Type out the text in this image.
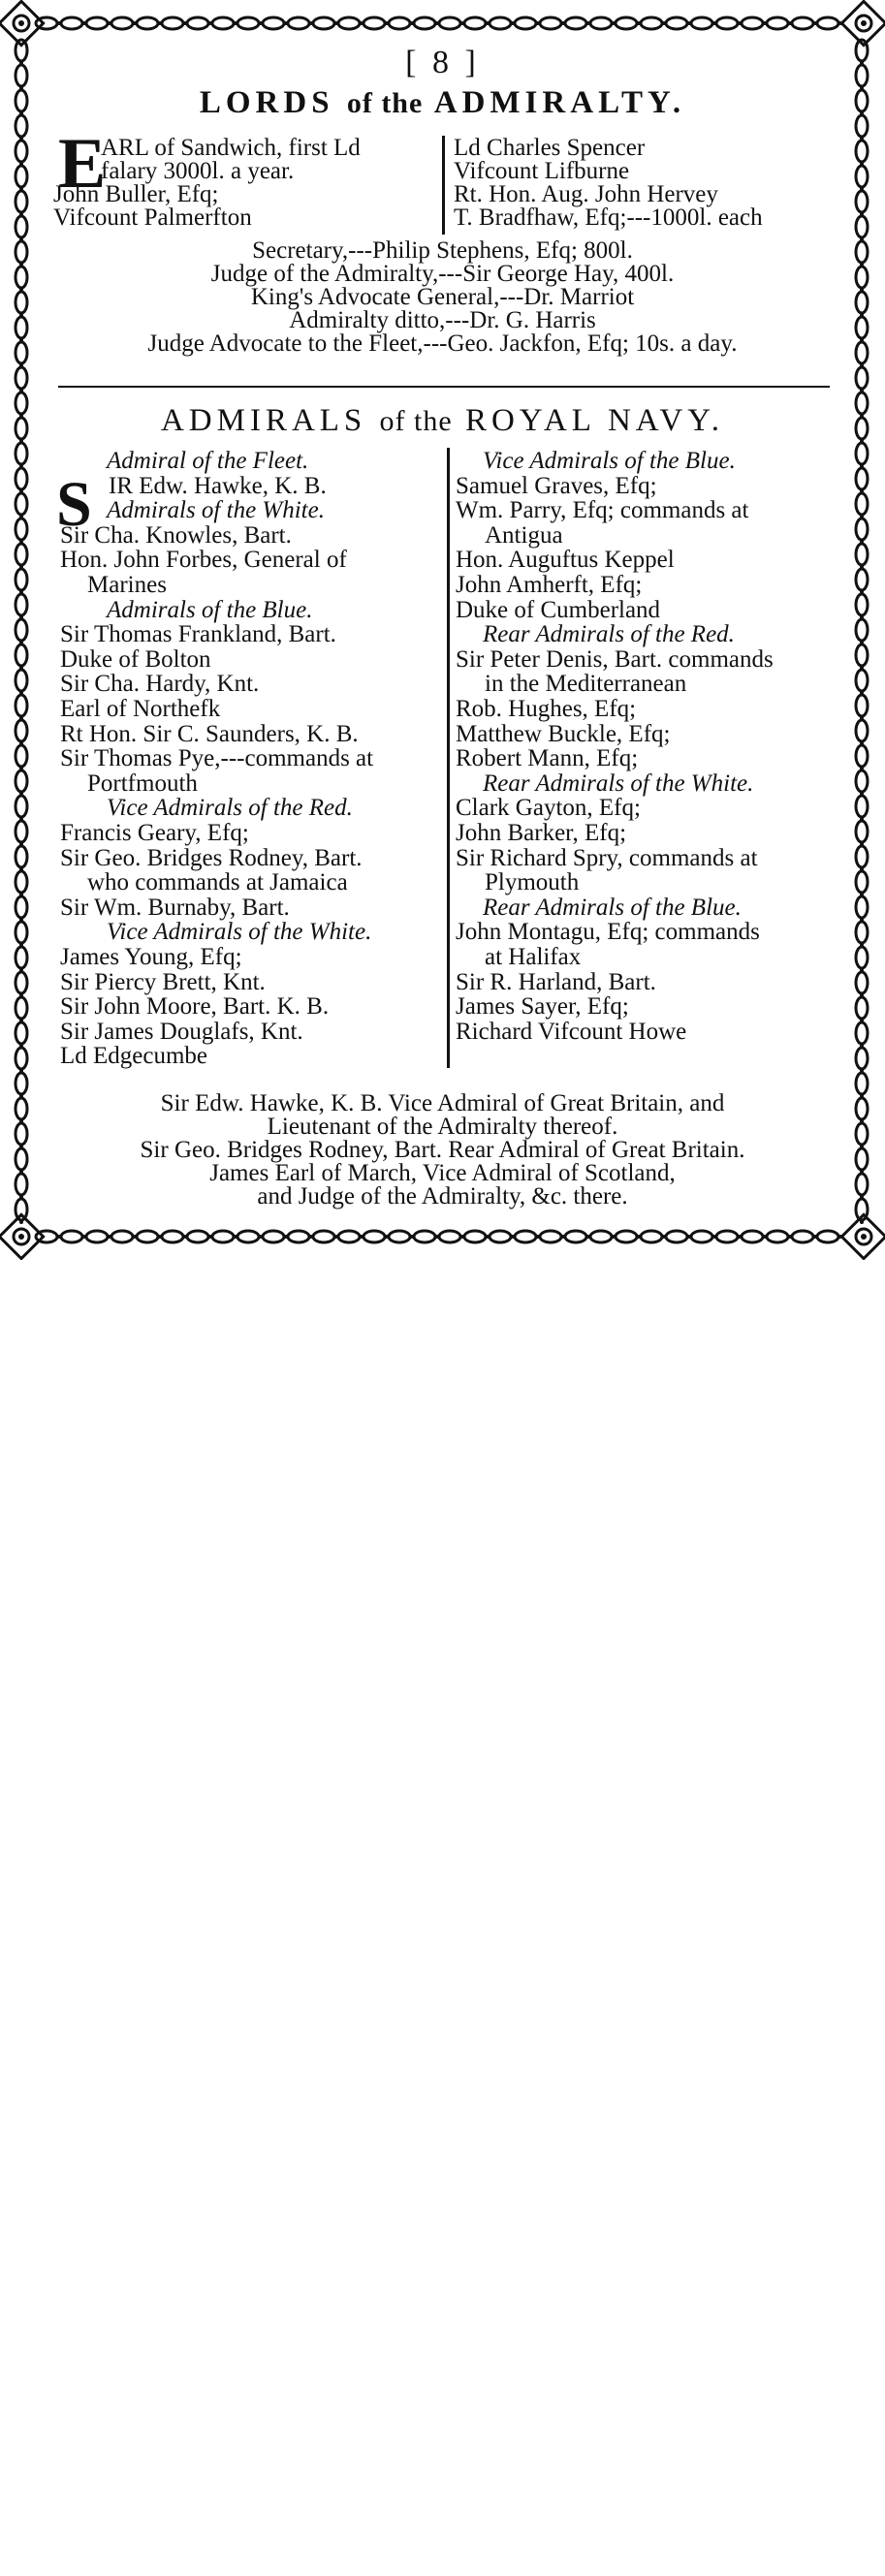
[ 8 ]
LORDS of the ADMIRALTY.
E
ARL of Sandwich, first Ld
falary 3000l. a year.
John Buller, Efq;
Vifcount Palmerfton
Ld Charles Spencer
Vifcount Lifburne
Rt. Hon. Aug. John Hervey
T. Bradfhaw, Efq;---1000l. each
Secretary,---Philip Stephens, Efq; 800l.
Judge of the Admiralty,---Sir George Hay, 400l.
King's Advocate General,---Dr. Marriot
Admiralty ditto,---Dr. G. Harris
Judge Advocate to the Fleet,---Geo. Jackfon, Efq; 10s. a day.
ADMIRALS of the ROYAL NAVY.
S
Admiral of the Fleet.
IR Edw. Hawke, K. B.
Admirals of the White.
Sir Cha. Knowles, Bart.
Hon. John Forbes, General of
Marines
Admirals of the Blue.
Sir Thomas Frankland, Bart.
Duke of Bolton
Sir Cha. Hardy, Knt.
Earl of Northefk
Rt Hon. Sir C. Saunders, K. B.
Sir Thomas Pye,---commands at
Portfmouth
Vice Admirals of the Red.
Francis Geary, Efq;
Sir Geo. Bridges Rodney, Bart.
who commands at Jamaica
Sir Wm. Burnaby, Bart.
Vice Admirals of the White.
James Young, Efq;
Sir Piercy Brett, Knt.
Sir John Moore, Bart. K. B.
Sir James Douglafs, Knt.
Ld Edgecumbe
Vice Admirals of the Blue.
Samuel Graves, Efq;
Wm. Parry, Efq; commands at
Antigua
Hon. Auguftus Keppel
John Amherft, Efq;
Duke of Cumberland
Rear Admirals of the Red.
Sir Peter Denis, Bart. commands
in the Mediterranean
Rob. Hughes, Efq;
Matthew Buckle, Efq;
Robert Mann, Efq;
Rear Admirals of the White.
Clark Gayton, Efq;
John Barker, Efq;
Sir Richard Spry, commands at
Plymouth
Rear Admirals of the Blue.
John Montagu, Efq; commands
at Halifax
Sir R. Harland, Bart.
James Sayer, Efq;
Richard Vifcount Howe
Sir Edw. Hawke, K. B. Vice Admiral of Great Britain, and
Lieutenant of the Admiralty thereof.
Sir Geo. Bridges Rodney, Bart. Rear Admiral of Great Britain.
James Earl of March, Vice Admiral of Scotland,
and Judge of the Admiralty, &c. there.
alamy
